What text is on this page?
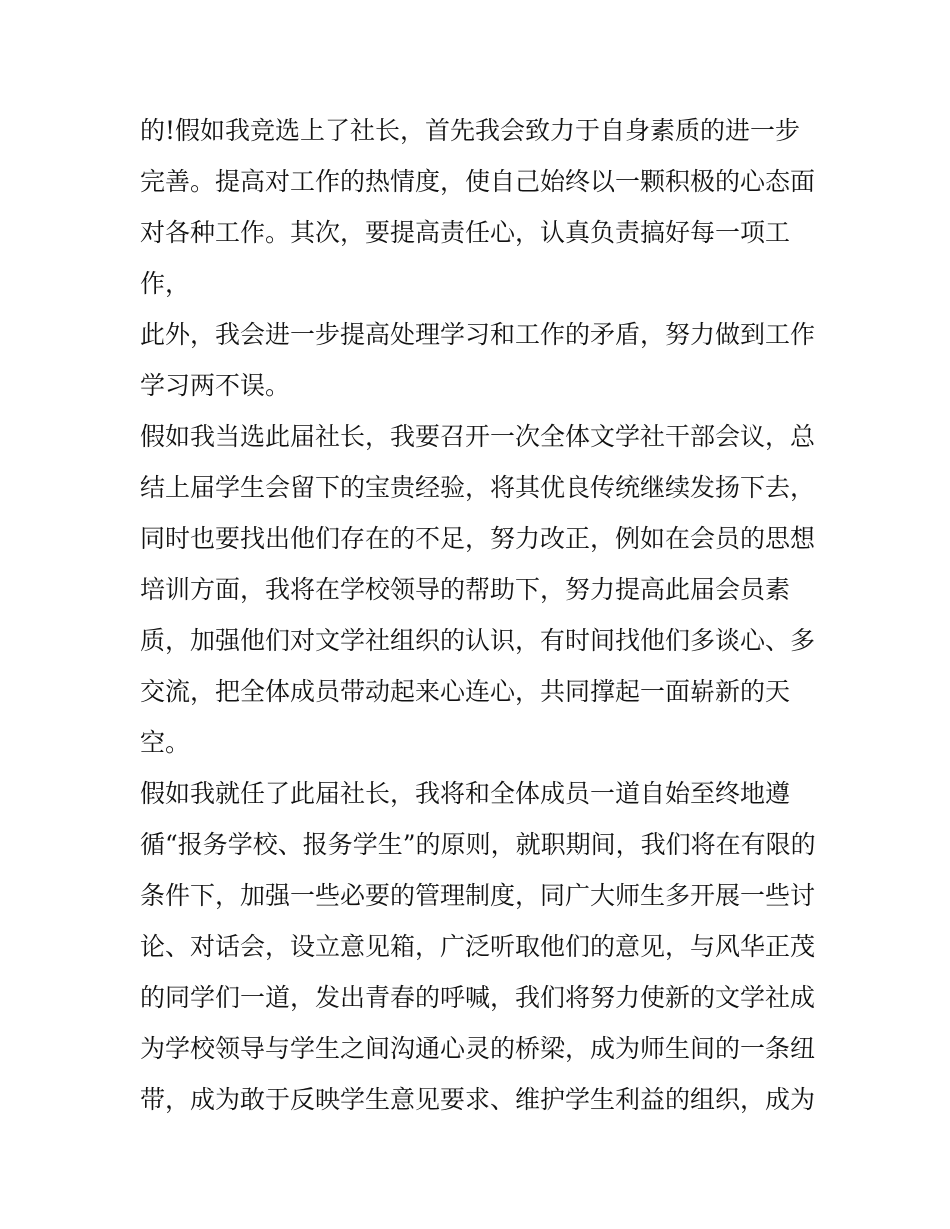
的!假如我竞选上了社长，首先我会致力于自身素质的进一步
完善。提高对工作的热情度，使自己始终以一颗积极的心态面
对各种工作。其次，要提高责任心，认真负责搞好每一项工
作，
此外，我会进一步提高处理学习和工作的矛盾，努力做到工作
学习两不误。
假如我当选此届社长，我要召开一次全体文学社干部会议，总
结上届学生会留下的宝贵经验，将其优良传统继续发扬下去，
同时也要找出他们存在的不足，努力改正，例如在会员的思想
培训方面，我将在学校领导的帮助下，努力提高此届会员素
质，加强他们对文学社组织的认识，有时间找他们多谈心、多
交流，把全体成员带动起来心连心，共同撑起一面崭新的天
空。
假如我就任了此届社长，我将和全体成员一道自始至终地遵
循“报务学校、报务学生”的原则，就职期间，我们将在有限的
条件下，加强一些必要的管理制度，同广大师生多开展一些讨
论、对话会，设立意见箱，广泛听取他们的意见，与风华正茂
的同学们一道，发出青春的呼喊，我们将努力使新的文学社成
为学校领导与学生之间沟通心灵的桥梁，成为师生间的一条纽
带，成为敢于反映学生意见要求、维护学生利益的组织，成为
